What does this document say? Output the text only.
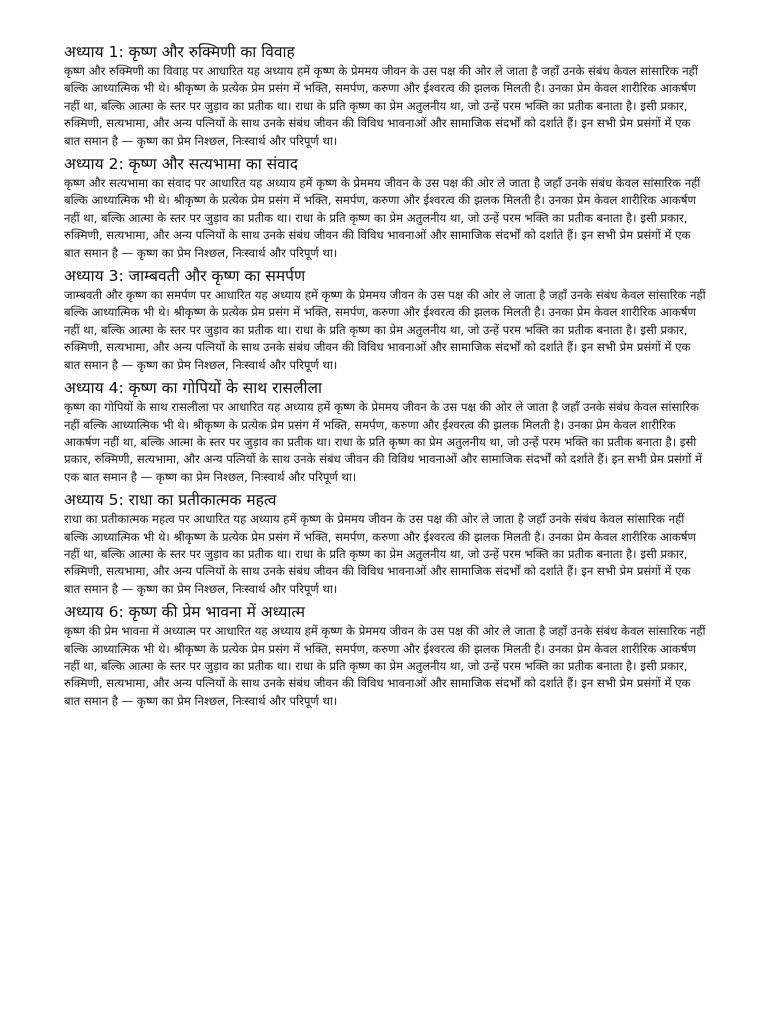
अध्याय 1: कृष्ण और रुक्मिणी का विवाह

कृष्ण और रुक्मिणी का विवाह पर आधारित यह अध्याय हमें कृष्ण के प्रेममय जीवन के उस पक्ष की ओर ले जाता है जहाँ उनके संबंध केवल सांसारिक नहीं बल्कि आध्यात्मिक भी थे। श्रीकृष्ण के प्रत्येक प्रेम प्रसंग में भक्ति, समर्पण, करुणा और ईश्वरत्व की झलक मिलती है। उनका प्रेम केवल शारीरिक आकर्षण नहीं था, बल्कि आत्मा के स्तर पर जुड़ाव का प्रतीक था। राधा के प्रति कृष्ण का प्रेम अतुलनीय था, जो उन्हें परम भक्ति का प्रतीक बनाता है। इसी प्रकार, रुक्मिणी, सत्यभामा, और अन्य पत्नियों के साथ उनके संबंध जीवन की विविध भावनाओं और सामाजिक संदर्भों को दर्शाते हैं। इन सभी प्रेम प्रसंगों में एक बात समान है — कृष्ण का प्रेम निश्छल, निःस्वार्थ और परिपूर्ण था।

अध्याय 2: कृष्ण और सत्यभामा का संवाद

कृष्ण और सत्यभामा का संवाद पर आधारित यह अध्याय हमें कृष्ण के प्रेममय जीवन के उस पक्ष की ओर ले जाता है जहाँ उनके संबंध केवल सांसारिक नहीं बल्कि आध्यात्मिक भी थे। श्रीकृष्ण के प्रत्येक प्रेम प्रसंग में भक्ति, समर्पण, करुणा और ईश्वरत्व की झलक मिलती है। उनका प्रेम केवल शारीरिक आकर्षण नहीं था, बल्कि आत्मा के स्तर पर जुड़ाव का प्रतीक था। राधा के प्रति कृष्ण का प्रेम अतुलनीय था, जो उन्हें परम भक्ति का प्रतीक बनाता है। इसी प्रकार, रुक्मिणी, सत्यभामा, और अन्य पत्नियों के साथ उनके संबंध जीवन की विविध भावनाओं और सामाजिक संदर्भों को दर्शाते हैं। इन सभी प्रेम प्रसंगों में एक बात समान है — कृष्ण का प्रेम निश्छल, निःस्वार्थ और परिपूर्ण था।

अध्याय 3: जाम्बवती और कृष्ण का समर्पण

जाम्बवती और कृष्ण का समर्पण पर आधारित यह अध्याय हमें कृष्ण के प्रेममय जीवन के उस पक्ष की ओर ले जाता है जहाँ उनके संबंध केवल सांसारिक नहीं बल्कि आध्यात्मिक भी थे। श्रीकृष्ण के प्रत्येक प्रेम प्रसंग में भक्ति, समर्पण, करुणा और ईश्वरत्व की झलक मिलती है। उनका प्रेम केवल शारीरिक आकर्षण नहीं था, बल्कि आत्मा के स्तर पर जुड़ाव का प्रतीक था। राधा के प्रति कृष्ण का प्रेम अतुलनीय था, जो उन्हें परम भक्ति का प्रतीक बनाता है। इसी प्रकार, रुक्मिणी, सत्यभामा, और अन्य पत्नियों के साथ उनके संबंध जीवन की विविध भावनाओं और सामाजिक संदर्भों को दर्शाते हैं। इन सभी प्रेम प्रसंगों में एक बात समान है — कृष्ण का प्रेम निश्छल, निःस्वार्थ और परिपूर्ण था।

अध्याय 4: कृष्ण का गोपियों के साथ रासलीला

कृष्ण का गोपियों के साथ रासलीला पर आधारित यह अध्याय हमें कृष्ण के प्रेममय जीवन के उस पक्ष की ओर ले जाता है जहाँ उनके संबंध केवल सांसारिक नहीं बल्कि आध्यात्मिक भी थे। श्रीकृष्ण के प्रत्येक प्रेम प्रसंग में भक्ति, समर्पण, करुणा और ईश्वरत्व की झलक मिलती है। उनका प्रेम केवल शारीरिक आकर्षण नहीं था, बल्कि आत्मा के स्तर पर जुड़ाव का प्रतीक था। राधा के प्रति कृष्ण का प्रेम अतुलनीय था, जो उन्हें परम भक्ति का प्रतीक बनाता है। इसी प्रकार, रुक्मिणी, सत्यभामा, और अन्य पत्नियों के साथ उनके संबंध जीवन की विविध भावनाओं और सामाजिक संदर्भों को दर्शाते हैं। इन सभी प्रेम प्रसंगों में एक बात समान है — कृष्ण का प्रेम निश्छल, निःस्वार्थ और परिपूर्ण था।

अध्याय 5: राधा का प्रतीकात्मक महत्व

राधा का प्रतीकात्मक महत्व पर आधारित यह अध्याय हमें कृष्ण के प्रेममय जीवन के उस पक्ष की ओर ले जाता है जहाँ उनके संबंध केवल सांसारिक नहीं बल्कि आध्यात्मिक भी थे। श्रीकृष्ण के प्रत्येक प्रेम प्रसंग में भक्ति, समर्पण, करुणा और ईश्वरत्व की झलक मिलती है। उनका प्रेम केवल शारीरिक आकर्षण नहीं था, बल्कि आत्मा के स्तर पर जुड़ाव का प्रतीक था। राधा के प्रति कृष्ण का प्रेम अतुलनीय था, जो उन्हें परम भक्ति का प्रतीक बनाता है। इसी प्रकार, रुक्मिणी, सत्यभामा, और अन्य पत्नियों के साथ उनके संबंध जीवन की विविध भावनाओं और सामाजिक संदर्भों को दर्शाते हैं। इन सभी प्रेम प्रसंगों में एक बात समान है — कृष्ण का प्रेम निश्छल, निःस्वार्थ और परिपूर्ण था।

अध्याय 6: कृष्ण की प्रेम भावना में अध्यात्म

कृष्ण की प्रेम भावना में अध्यात्म पर आधारित यह अध्याय हमें कृष्ण के प्रेममय जीवन के उस पक्ष की ओर ले जाता है जहाँ उनके संबंध केवल सांसारिक नहीं बल्कि आध्यात्मिक भी थे। श्रीकृष्ण के प्रत्येक प्रेम प्रसंग में भक्ति, समर्पण, करुणा और ईश्वरत्व की झलक मिलती है। उनका प्रेम केवल शारीरिक आकर्षण नहीं था, बल्कि आत्मा के स्तर पर जुड़ाव का प्रतीक था। राधा के प्रति कृष्ण का प्रेम अतुलनीय था, जो उन्हें परम भक्ति का प्रतीक बनाता है। इसी प्रकार, रुक्मिणी, सत्यभामा, और अन्य पत्नियों के साथ उनके संबंध जीवन की विविध भावनाओं और सामाजिक संदर्भों को दर्शाते हैं। इन सभी प्रेम प्रसंगों में एक बात समान है — कृष्ण का प्रेम निश्छल, निःस्वार्थ और परिपूर्ण था।
